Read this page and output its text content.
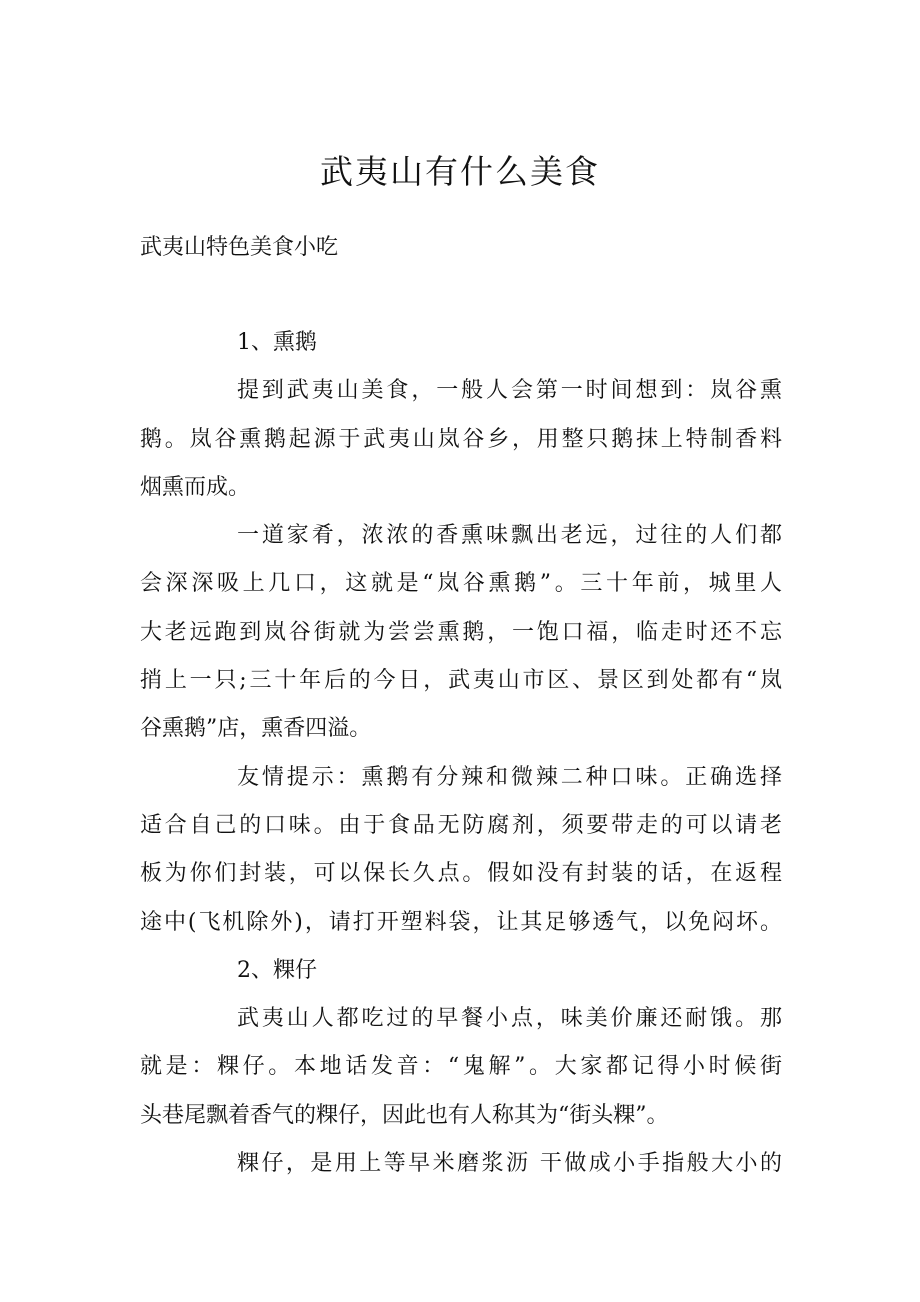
武夷山有什么美食
武夷山特色美食小吃
1、熏鹅
提到武夷山美食，一般人会第一时间想到：岚谷熏
鹅。岚谷熏鹅起源于武夷山岚谷乡，用整只鹅抹上特制香料
烟熏而成。
一道家肴，浓浓的香熏味飘出老远，过往的人们都
会深深吸上几口，这就是“岚谷熏鹅”。三十年前，城里人
大老远跑到岚谷街就为尝尝熏鹅，一饱口福，临走时还不忘
捎上一只;三十年后的今日，武夷山市区、景区到处都有“岚
谷熏鹅”店，熏香四溢。
友情提示：熏鹅有分辣和微辣二种口味。正确选择
适合自己的口味。由于食品无防腐剂，须要带走的可以请老
板为你们封装，可以保长久点。假如没有封装的话，在返程
途中(飞机除外)，请打开塑料袋，让其足够透气，以免闷坏。
2、粿仔
武夷山人都吃过的早餐小点，味美价廉还耐饿。那
就是：粿仔。本地话发音：“鬼解”。大家都记得小时候街
头巷尾飘着香气的粿仔，因此也有人称其为“街头粿”。
粿仔，是用上等早米磨浆沥 干做成小手指般大小的
